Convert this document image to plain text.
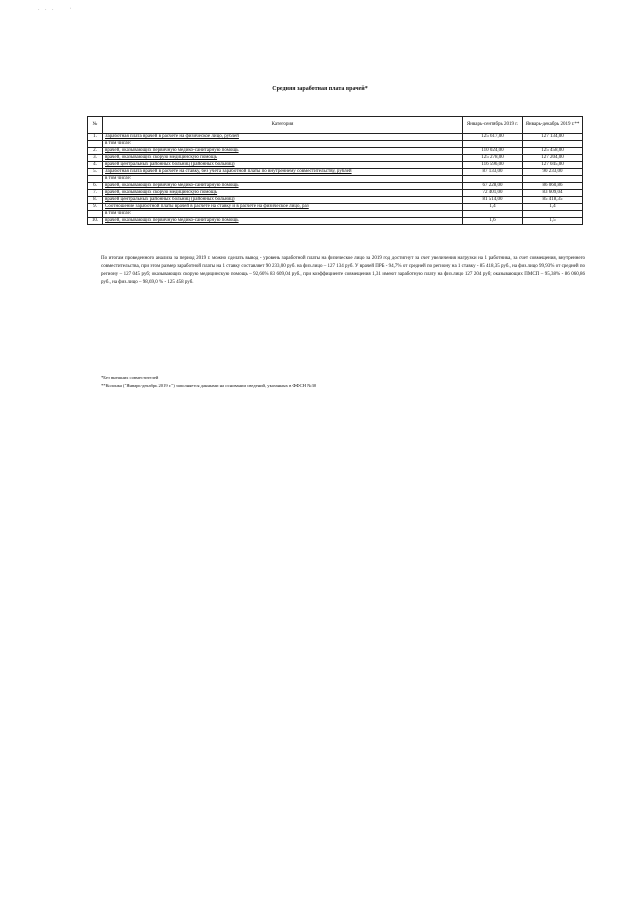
. . .    ·
Средняя заработная плата врачей*
№	Категория	Январь-сентябрь 2019 г.	Январь-декабрь 2019 г.**
1.	Заработная плата врачей в расчете на физическое лицо, рублей	125 617,00	127 134,00
	в том числе:		
2.	врачей, оказывающих первичную медико-санитарную помощь	110 024,00	125 458,00
3.	врачей, оказывающих скорую медицинскую помощь	125 278,00	127 204,00
4.	врачей центральных районных больниц (районных больниц)	116 596,00	127 045,00
5.	Заработная плата врачей в расчете на ставку, без учета заработной платы по внутреннему совместительству, рублей	87 133,00	90 233,00
	в том числе:		
6.	врачей, оказывающих первичную медико-санитарную помощь	67 228,00	86 060,86
7.	врачей, оказывающих скорую медицинскую помощь	72 401,00	83 609,04
8.	врачей центральных районных больниц (районных больниц)	81 514,00	85 418,35
9.	Соотношение заработной платы врачей в расчете на ставку и в расчете на физическое лицо, раз	1,4	1,4
	в том числе:		
10.	врачей, оказывающих первичную медико-санитарную помощь	1,6	1,5
По итогам проведенного анализа за период 2019 г. можно сделать вывод - уровень заработной платы на физическое лицо за 2019 год достигнут за счет увеличения нагрузки на 1 работника, за счет совмещения, внутреннего совместительства, при этом размер заработной платы на 1 ставку составляет 90 233,00 руб. на физ.лицо – 127 134 руб. У врачей ПРБ - 94,7% от средней по региону на 1 ставку - 85 418,35 руб., на физ.лицо 99,93% от средней по региону – 127 045 руб; оказывающих скорую медицинскую помощь – 92,66% 83 609,04 руб., при коэффициенте совмещения 1,31 имеют заработную плату на физ.лицо 127 204 руб; оказывающих ПМСП – 95,38% - 86 060,86 руб., на физ.лицо – 98,69,0 % - 125 458 руб.
*Без внешних совместителей
**Колонка ("Январь-декабрь 2019 г.") заполняется данными на основании сведений, указанных в ФФСН №30
